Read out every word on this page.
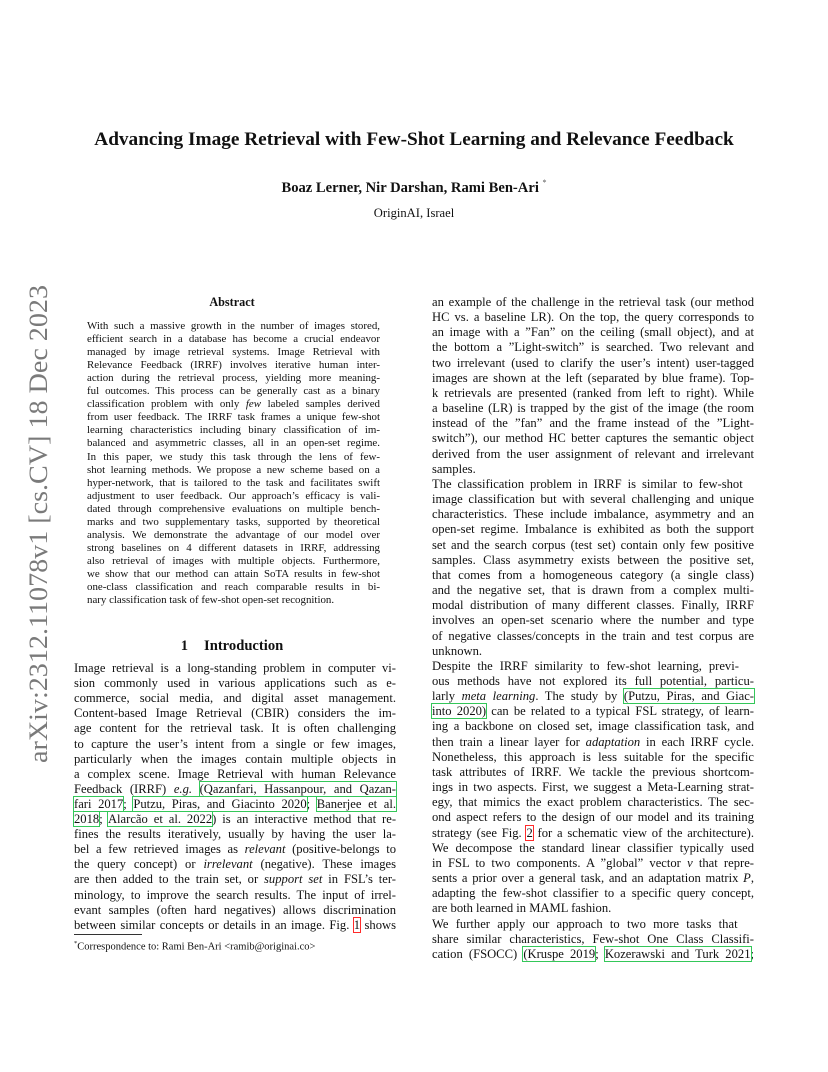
arXiv:2312.11078v1 [cs.CV] 18 Dec 2023
Advancing Image Retrieval with Few-Shot Learning and Relevance Feedback
Boaz Lerner, Nir Darshan, Rami Ben-Ari *
OriginAI, Israel
Abstract
With such a massive growth in the number of images stored,
efficient search in a database has become a crucial endeavor
managed by image retrieval systems. Image Retrieval with
Relevance Feedback (IRRF) involves iterative human inter-
action during the retrieval process, yielding more meaning-
ful outcomes. This process can be generally cast as a binary
classification problem with only few labeled samples derived
from user feedback. The IRRF task frames a unique few-shot
learning characteristics including binary classification of im-
balanced and asymmetric classes, all in an open-set regime.
In this paper, we study this task through the lens of few-
shot learning methods. We propose a new scheme based on a
hyper-network, that is tailored to the task and facilitates swift
adjustment to user feedback. Our approach’s efficacy is vali-
dated through comprehensive evaluations on multiple bench-
marks and two supplementary tasks, supported by theoretical
analysis. We demonstrate the advantage of our model over
strong baselines on 4 different datasets in IRRF, addressing
also retrieval of images with multiple objects. Furthermore,
we show that our method can attain SoTA results in few-shot
one-class classification and reach comparable results in bi-
nary classification task of few-shot open-set recognition.
1 Introduction
Image retrieval is a long-standing problem in computer vi-
sion commonly used in various applications such as e-
commerce, social media, and digital asset management.
Content-based Image Retrieval (CBIR) considers the im-
age content for the retrieval task. It is often challenging
to capture the user’s intent from a single or few images,
particularly when the images contain multiple objects in
a complex scene. Image Retrieval with human Relevance
Feedback (IRRF) e.g. (Qazanfari, Hassanpour, and Qazan-
fari 2017; Putzu, Piras, and Giacinto 2020; Banerjee et al.
2018; Alarcão et al. 2022) is an interactive method that re-
fines the results iteratively, usually by having the user la-
bel a few retrieved images as relevant (positive-belongs to
the query concept) or irrelevant (negative). These images
are then added to the train set, or support set in FSL’s ter-
minology, to improve the search results. The input of irrel-
evant samples (often hard negatives) allows discrimination
between similar concepts or details in an image. Fig. 1 shows
*Correspondence to: Rami Ben-Ari <ramib@originai.co>
an example of the challenge in the retrieval task (our method
HC vs. a baseline LR). On the top, the query corresponds to
an image with a ”Fan” on the ceiling (small object), and at
the bottom a ”Light-switch” is searched. Two relevant and
two irrelevant (used to clarify the user’s intent) user-tagged
images are shown at the left (separated by blue frame). Top-
k retrievals are presented (ranked from left to right). While
a baseline (LR) is trapped by the gist of the image (the room
instead of the ”fan” and the frame instead of the ”Light-
switch”), our method HC better captures the semantic object
derived from the user assignment of relevant and irrelevant
samples.
The classification problem in IRRF is similar to few-shot
image classification but with several challenging and unique
characteristics. These include imbalance, asymmetry and an
open-set regime. Imbalance is exhibited as both the support
set and the search corpus (test set) contain only few positive
samples. Class asymmetry exists between the positive set,
that comes from a homogeneous category (a single class)
and the negative set, that is drawn from a complex multi-
modal distribution of many different classes. Finally, IRRF
involves an open-set scenario where the number and type
of negative classes/concepts in the train and test corpus are
unknown.
Despite the IRRF similarity to few-shot learning, previ-
ous methods have not explored its full potential, particu-
larly meta learning. The study by (Putzu, Piras, and Giac-
into 2020) can be related to a typical FSL strategy, of learn-
ing a backbone on closed set, image classification task, and
then train a linear layer for adaptation in each IRRF cycle.
Nonetheless, this approach is less suitable for the specific
task attributes of IRRF. We tackle the previous shortcom-
ings in two aspects. First, we suggest a Meta-Learning strat-
egy, that mimics the exact problem characteristics. The sec-
ond aspect refers to the design of our model and its training
strategy (see Fig. 2 for a schematic view of the architecture).
We decompose the standard linear classifier typically used
in FSL to two components. A ”global” vector v that repre-
sents a prior over a general task, and an adaptation matrix P,
adapting the few-shot classifier to a specific query concept,
are both learned in MAML fashion.
We further apply our approach to two more tasks that
share similar characteristics, Few-shot One Class Classifi-
cation (FSOCC) (Kruspe 2019; Kozerawski and Turk 2021;
